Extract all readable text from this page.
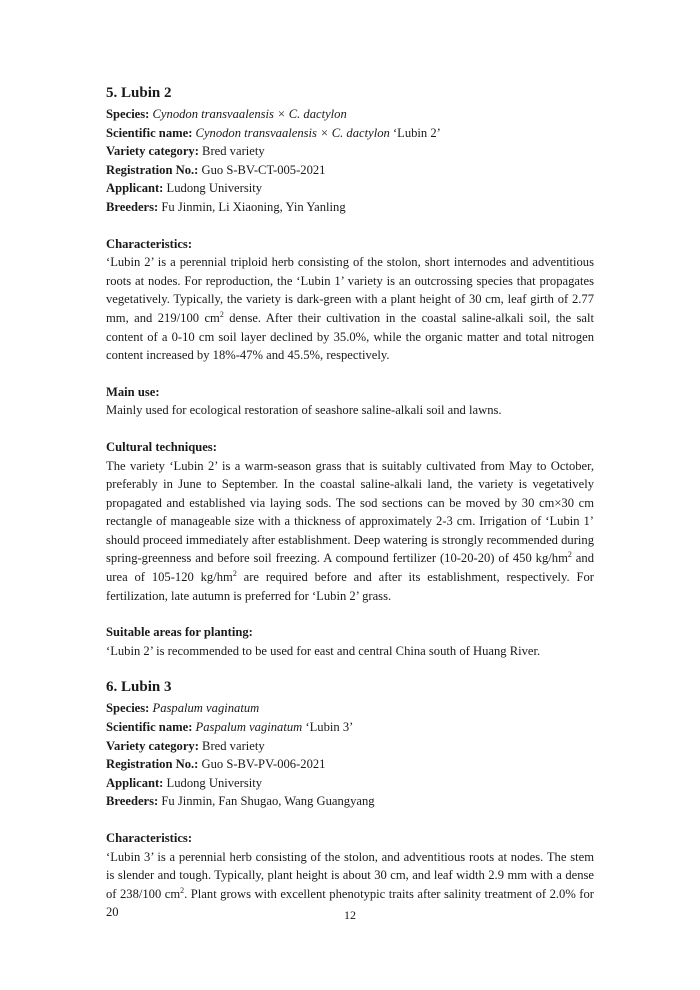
5. Lubin 2

Species: Cynodon transvaalensis × C. dactylon

Scientific name: Cynodon transvaalensis × C. dactylon ‘Lubin 2’

Variety category: Bred variety

Registration No.: Guo S-BV-CT-005-2021

Applicant: Ludong University

Breeders: Fu Jinmin, Li Xiaoning, Yin Yanling

Characteristics:

‘Lubin 2’ is a perennial triploid herb consisting of the stolon, short internodes and adventitious roots at nodes. For reproduction, the ‘Lubin 1’ variety is an outcrossing species that propagates vegetatively. Typically, the variety is dark-green with a plant height of 30 cm, leaf girth of 2.77 mm, and 219/100 $cm^2$ dense. After their cultivation in the coastal saline-alkali soil, the salt content of a 0-10 cm soil layer declined by 35.0%, while the organic matter and total nitrogen content increased by 18%-47% and 45.5%, respectively.

Main use:

Mainly used for ecological restoration of seashore saline-alkali soil and lawns.

Cultural techniques:

The variety ‘Lubin 2’ is a warm-season grass that is suitably cultivated from May to October, preferably in June to September. In the coastal saline-alkali land, the variety is vegetatively propagated and established via laying sods. The sod sections can be moved by 30 cm×30 cm rectangle of manageable size with a thickness of approximately 2-3 cm. Irrigation of ‘Lubin 1’ should proceed immediately after establishment. Deep watering is strongly recommended during spring-greenness and before soil freezing. A compound fertilizer (10-20-20) of 450 $kg/hm^2$ and urea of 105-120 $kg/hm^2$ are required before and after its establishment, respectively. For fertilization, late autumn is preferred for ‘Lubin 2’ grass.

Suitable areas for planting:

‘Lubin 2’ is recommended to be used for east and central China south of Huang River.

6. Lubin 3

Species: Paspalum vaginatum

Scientific name: Paspalum vaginatum ‘Lubin 3’

Variety category: Bred variety

Registration No.: Guo S-BV-PV-006-2021

Applicant: Ludong University

Breeders: Fu Jinmin, Fan Shugao, Wang Guangyang

Characteristics:

‘Lubin 3’ is a perennial herb consisting of the stolon, and adventitious roots at nodes. The stem is slender and tough. Typically, plant height is about 30 cm, and leaf width 2.9 mm with a dense of 238/100 $cm^2$. Plant grows with excellent phenotypic traits after salinity treatment of 2.0% for 20	12
